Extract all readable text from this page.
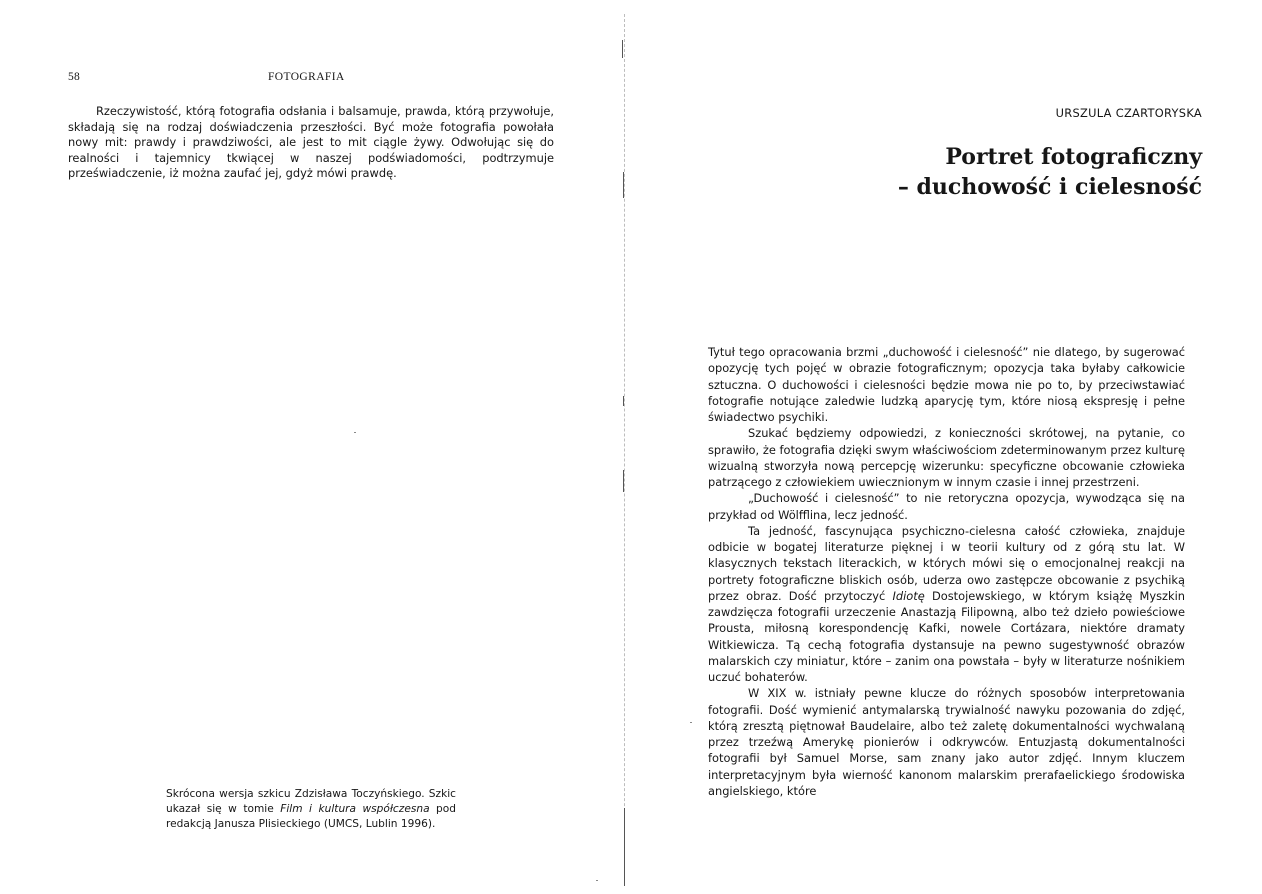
58	FOTOGRAFIA

Rzeczywistość, którą fotografia odsłania i balsamuje, prawda, którą przywołuje, składają się na rodzaj doświadczenia przeszłości. Być może fotografia powołała nowy mit: prawdy i prawdziwości, ale jest to mit ciągle żywy. Odwołując się do realności i tajemnicy tkwiącej w naszej podświadomości, podtrzymuje przeświadczenie, iż można zaufać jej, gdyż mówi prawdę.

Skrócona wersja szkicu Zdzisława Toczyńskiego. Szkic ukazał się w tomie Film i kultura współczesna pod redakcją Janusza Plisieckiego (UMCS, Lublin 1996).

URSZULA CZARTORYSKA
Portret fotograficzny
– duchowość i cielesność

Tytuł tego opracowania brzmi „duchowość i cielesność” nie dlatego, by sugerować opozycję tych pojęć w obrazie fotograficznym; opozycja taka byłaby całkowicie sztuczna. O duchowości i cielesności będzie mowa nie po to, by przeciwstawiać fotografie notujące zaledwie ludzką aparycję tym, które niosą ekspresję i pełne świadectwo psychiki.

Szukać będziemy odpowiedzi, z konieczności skrótowej, na pytanie, co sprawiło, że fotografia dzięki swym właściwościom zdeterminowanym przez kulturę wizualną stworzyła nową percepcję wizerunku: specyficzne obcowanie człowieka patrzącego z człowiekiem uwiecznionym w innym czasie i innej przestrzeni.

„Duchowość i cielesność” to nie retoryczna opozycja, wywodząca się na przykład od Wölfflina, lecz jedność.

Ta jedność, fascynująca psychiczno-cielesna całość człowieka, znajduje odbicie w bogatej literaturze pięknej i w teorii kultury od z górą stu lat. W klasycznych tekstach literackich, w których mówi się o emocjonalnej reakcji na portrety fotograficzne bliskich osób, uderza owo zastępcze obcowanie z psychiką przez obraz. Dość przytoczyć Idiotę Dostojewskiego, w którym książę Myszkin zawdzięcza fotografii urzeczenie Anastazją Filipowną, albo też dzieło powieściowe Prousta, miłosną korespondencję Kafki, nowele Cortázara, niektóre dramaty Witkiewicza. Tą cechą fotografia dystansuje na pewno sugestywność obrazów malarskich czy miniatur, które – zanim ona powstała – były w literaturze nośnikiem uczuć bohaterów.

W XIX w. istniały pewne klucze do różnych sposobów interpretowania fotografii. Dość wymienić antymalarską trywialność nawyku pozowania do zdjęć, którą zresztą piętnował Baudelaire, albo też zaletę dokumentalności wychwalaną przez trzeźwą Amerykę pionierów i odkrywców. Entuzjastą dokumentalności fotografii był Samuel Morse, sam znany jako autor zdjęć. Innym kluczem interpretacyjnym była wierność kanonom malarskim prerafaelickiego środowiska angielskiego, które
